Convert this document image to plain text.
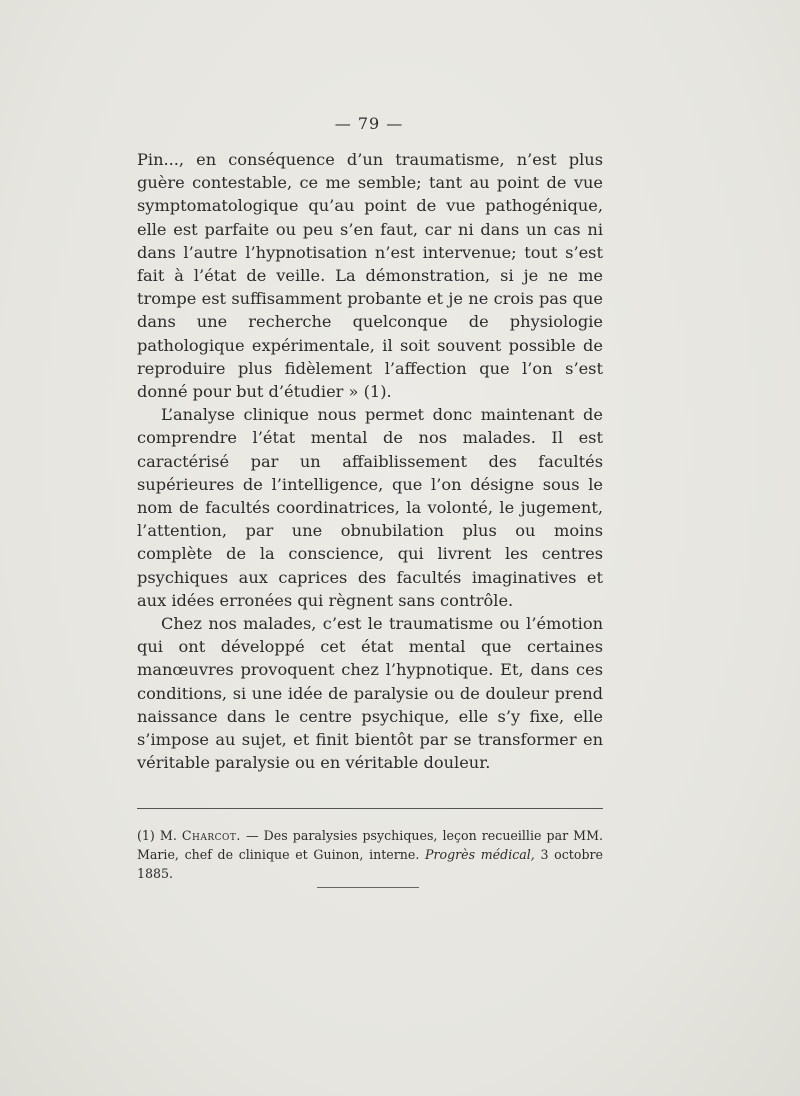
— 79 —

Pin..., en conséquence d’un traumatisme, n’est plus guère contestable, ce me semble; tant au point de vue symptomatologique qu’au point de vue pathogénique, elle est parfaite ou peu s’en faut, car ni dans un cas ni dans l’autre l’hypnotisation n’est intervenue; tout s’est fait à l’état de veille. La démonstration, si je ne me trompe est suffisamment probante et je ne crois pas que dans une recherche quelconque de physiologie pathologique expérimentale, il soit souvent possible de reproduire plus fidèlement l’affection que l’on s’est donné pour but d’étudier » (1).

L’analyse clinique nous permet donc maintenant de comprendre l’état mental de nos malades. Il est caractérisé par un affaiblissement des facultés supérieures de l’intelligence, que l’on désigne sous le nom de facultés coordinatrices, la volonté, le jugement, l’attention, par une obnubilation plus ou moins complète de la conscience, qui livrent les centres psychiques aux caprices des facultés imaginatives et aux idées erronées qui règnent sans contrôle.

Chez nos malades, c’est le traumatisme ou l’émotion qui ont développé cet état mental que certaines manœuvres provoquent chez l’hypnotique. Et, dans ces conditions, si une idée de paralysie ou de douleur prend naissance dans le centre psychique, elle s’y fixe, elle s’impose au sujet, et finit bientôt par se transformer en véritable paralysie ou en véritable douleur.

(1) M. Charcot. — Des paralysies psychiques, leçon recueillie par MM. Marie, chef de clinique et Guinon, interne. Progrès médical, 3 octobre 1885.
